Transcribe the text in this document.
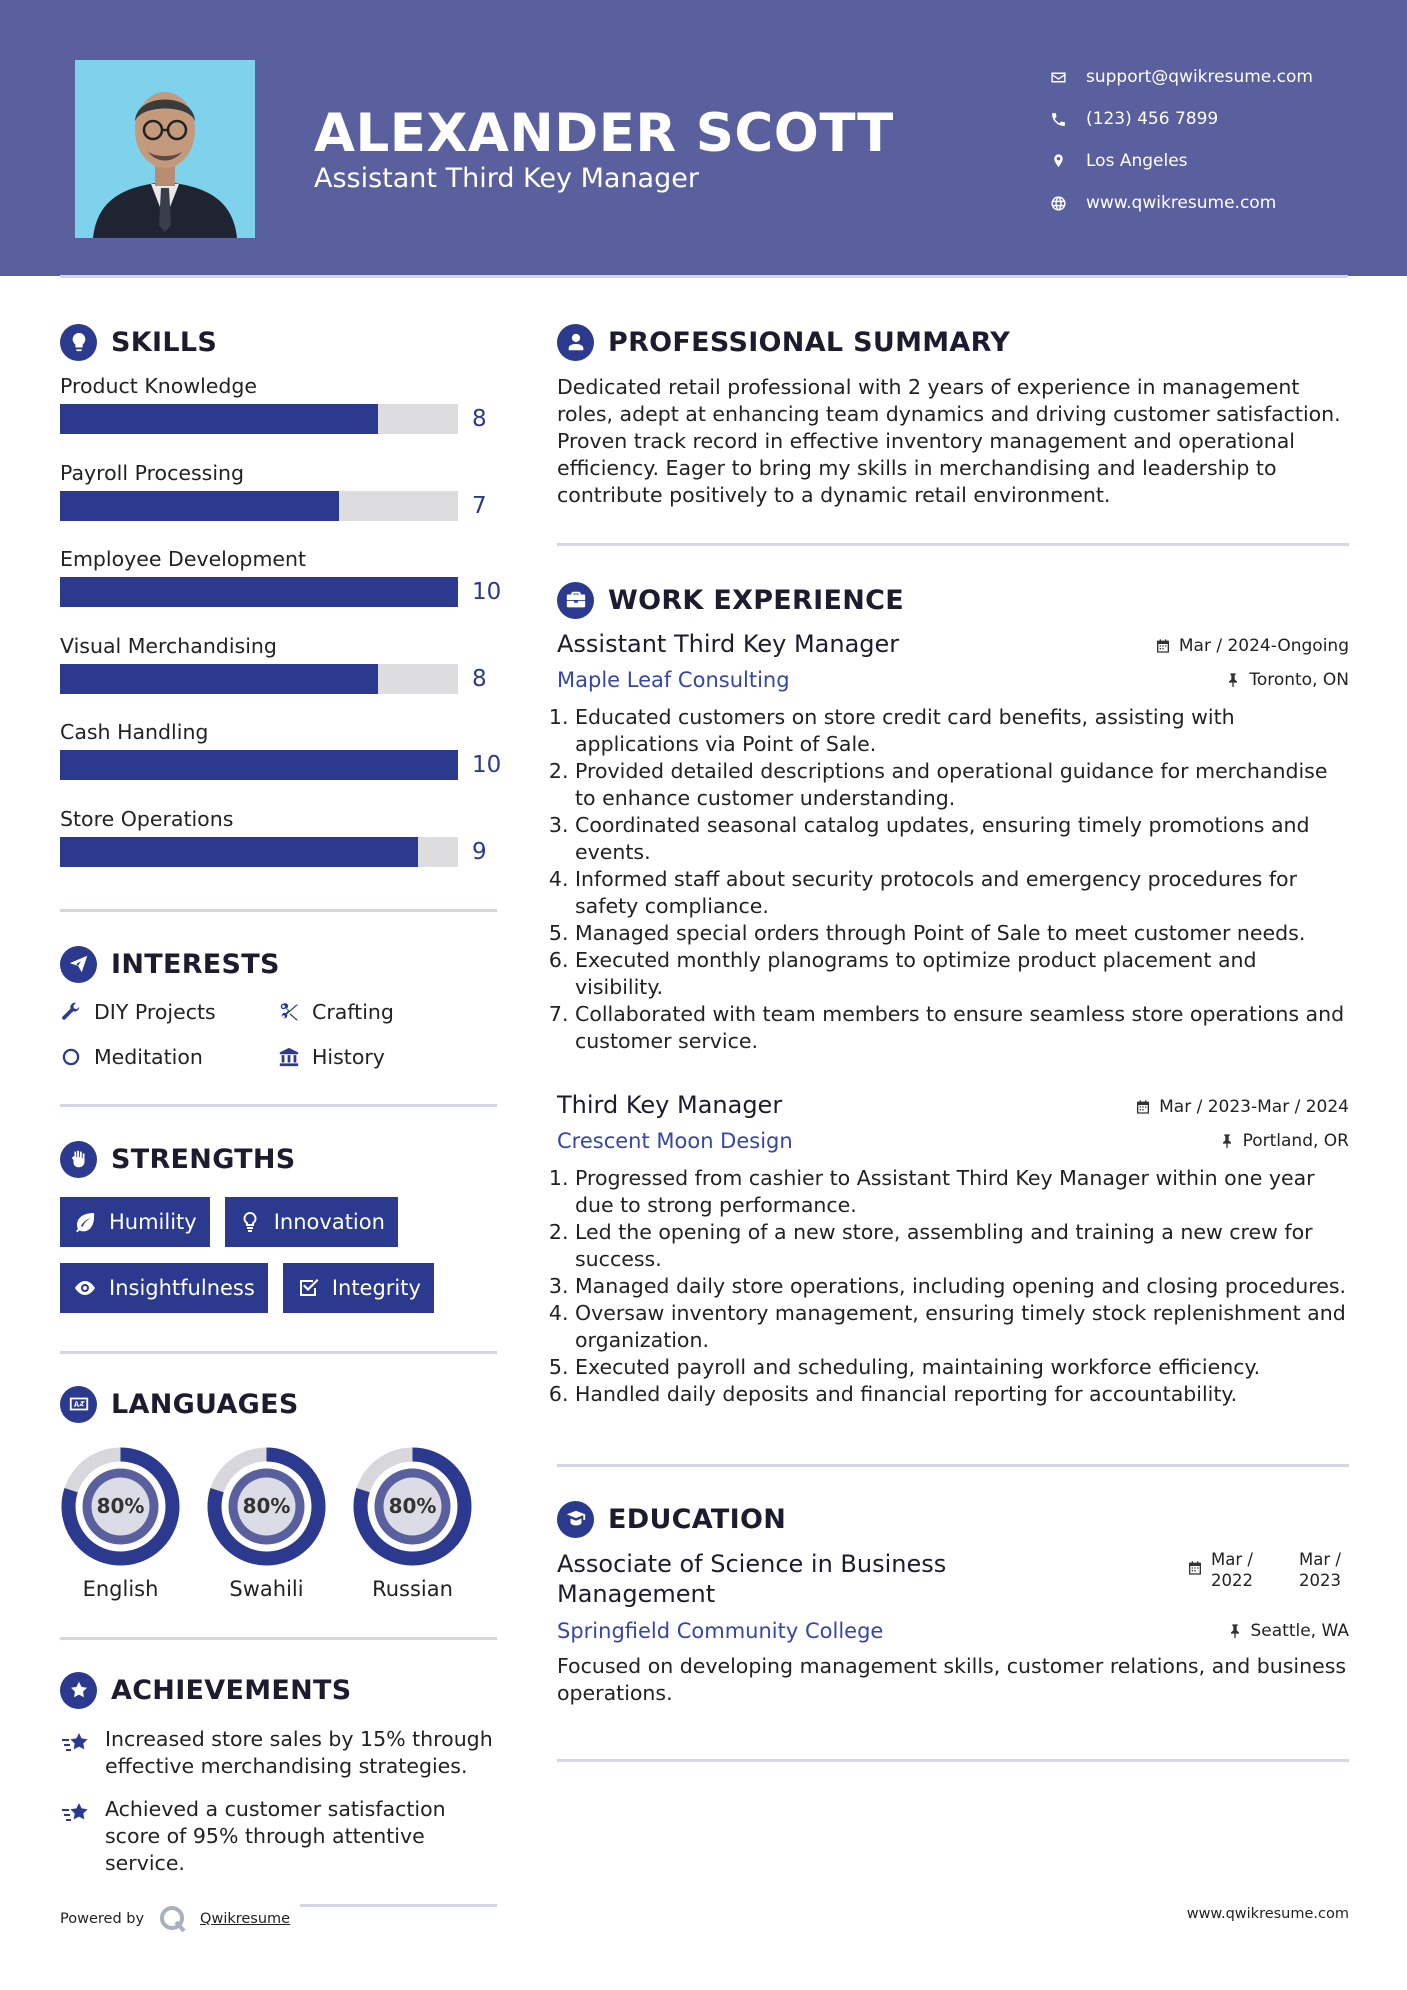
ALEXANDER SCOTT
Assistant Third Key Manager
support@qwikresume.com
(123) 456 7899
Los Angeles
www.qwikresume.com
SKILLS
Product Knowledge
8
Payroll Processing
7
Employee Development
10
Visual Merchandising
8
Cash Handling
10
Store Operations
9
INTERESTS
DIY Projects	Crafting
Meditation	History
STRENGTHS
Humility	Innovation
Insightfulness	Integrity
LANGUAGES
80%
English
80%
Swahili
80%
Russian
ACHIEVEMENTS
Increased store sales by 15% through effective merchandising strategies.
Achieved a customer satisfaction score of 95% through attentive service.
PROFESSIONAL SUMMARY

Dedicated retail professional with 2 years of experience in management roles, adept at enhancing team dynamics and driving customer satisfaction. Proven track record in effective inventory management and operational efficiency. Eager to bring my skills in merchandising and leadership to contribute positively to a dynamic retail environment.

WORK EXPERIENCE
Assistant Third Key Manager	Mar / 2024-Ongoing
Maple Leaf Consulting	Toronto, ON
1. Educated customers on store credit card benefits, assisting with applications via Point of Sale.
2. Provided detailed descriptions and operational guidance for merchandise to enhance customer understanding.
3. Coordinated seasonal catalog updates, ensuring timely promotions and events.
4. Informed staff about security protocols and emergency procedures for safety compliance.
5. Managed special orders through Point of Sale to meet customer needs.
6. Executed monthly planograms to optimize product placement and visibility.
7. Collaborated with team members to ensure seamless store operations and customer service.
Third Key Manager	Mar / 2023-Mar / 2024
Crescent Moon Design	Portland, OR
1. Progressed from cashier to Assistant Third Key Manager within one year due to strong performance.
2. Led the opening of a new store, assembling and training a new crew for success.
3. Managed daily store operations, including opening and closing procedures.
4. Oversaw inventory management, ensuring timely stock replenishment and organization.
5. Executed payroll and scheduling, maintaining workforce efficiency.
6. Handled daily deposits and financial reporting for accountability.
EDUCATION
Associate of Science in Business Management
Mar / 2022
Mar / 2023
Springfield Community College	Seattle, WA

Focused on developing management skills, customer relations, and business operations.

Powered by	Qwikresume	www.qwikresume.com
